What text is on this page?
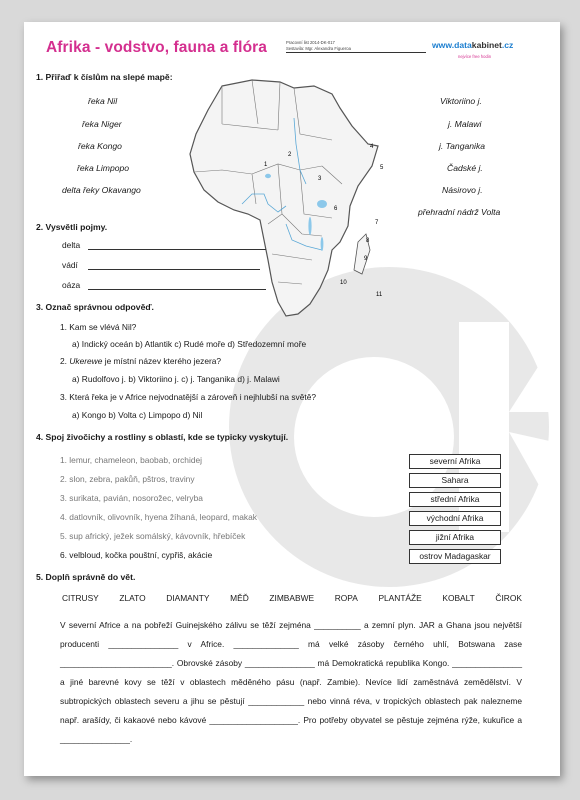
Afrika - vodstvo, fauna a flóra	Pracovní list 2014-DK-017
Sestavila: Mgr. Alexandra Figueroa	www.datakabinet.cz
nejvíce free hodin
1. Přiřaď k číslům na slepé mapě:
řeka Nil
řeka Niger
řeka Kongo
řeka Limpopo
delta řeky Okavango
Viktoriino j.
j. Malawi
j. Tanganika
Čadské j.
Násirovo j.
přehradní nádrž Volta
1
2
3
4
5
6
7
8
9
10
11
2. Vysvětli pojmy.
delta
vádí
oáza
3. Označ správnou odpověď.
1. Kam se vlévá Nil?
a) Indický oceán b) Atlantik c) Rudé moře d) Středozemní moře
2. Ukerewe je místní název kterého jezera?
a) Rudolfovo j. b) Viktoriino j. c) j. Tanganika d) j. Malawi
3. Která řeka je v Africe nejvodnatější a zároveň i nejhlubší na světě?
a) Kongo b) Volta c) Limpopo d) Nil
4. Spoj živočichy a rostliny s oblastí, kde se typicky vyskytují.
1. lemur, chameleon, baobab, orchidej
2. slon, zebra, pakůň, pštros, traviny
3. surikata, pavián, nosorožec, velryba
4. datlovník, olivovník, hyena žíhaná, leopard, makak
5. sup africký, ježek somálský, kávovník, hřebíček
6. velbloud, kočka pouštní, cypřiš, akácie
severní Afrika
Sahara
střední Afrika
východní Afrika
jižní Afrika
ostrov Madagaskar
5. Doplň správně do vět.
CITRUSY ZLATO DIAMANTY MĚĎ ZIMBABWE ROPA PLANTÁŽE KOBALT ČIROK
V severní Africe a na pobřeží Guinejského zálivu se těží zejména __________ a zemní plyn. JAR a Ghana jsou největší producenti _______________ v Africe. ______________ má velké zásoby černého uhlí, Botswana zase ________________________. Obrovské zásoby _______________ má Demokratická republika Kongo. _______________ a jiné barevné kovy se těží v oblastech měděného pásu (např. Zambie). Nevíce lidí zaměstnává zemědělství. V subtropických oblastech severu a jihu se pěstují ____________ nebo vinná réva, v tropických oblastech pak nalezneme např. arašídy, či kakaové nebo kávové ___________________. Pro potřeby obyvatel se pěstuje zejména rýže, kukuřice a _______________.
